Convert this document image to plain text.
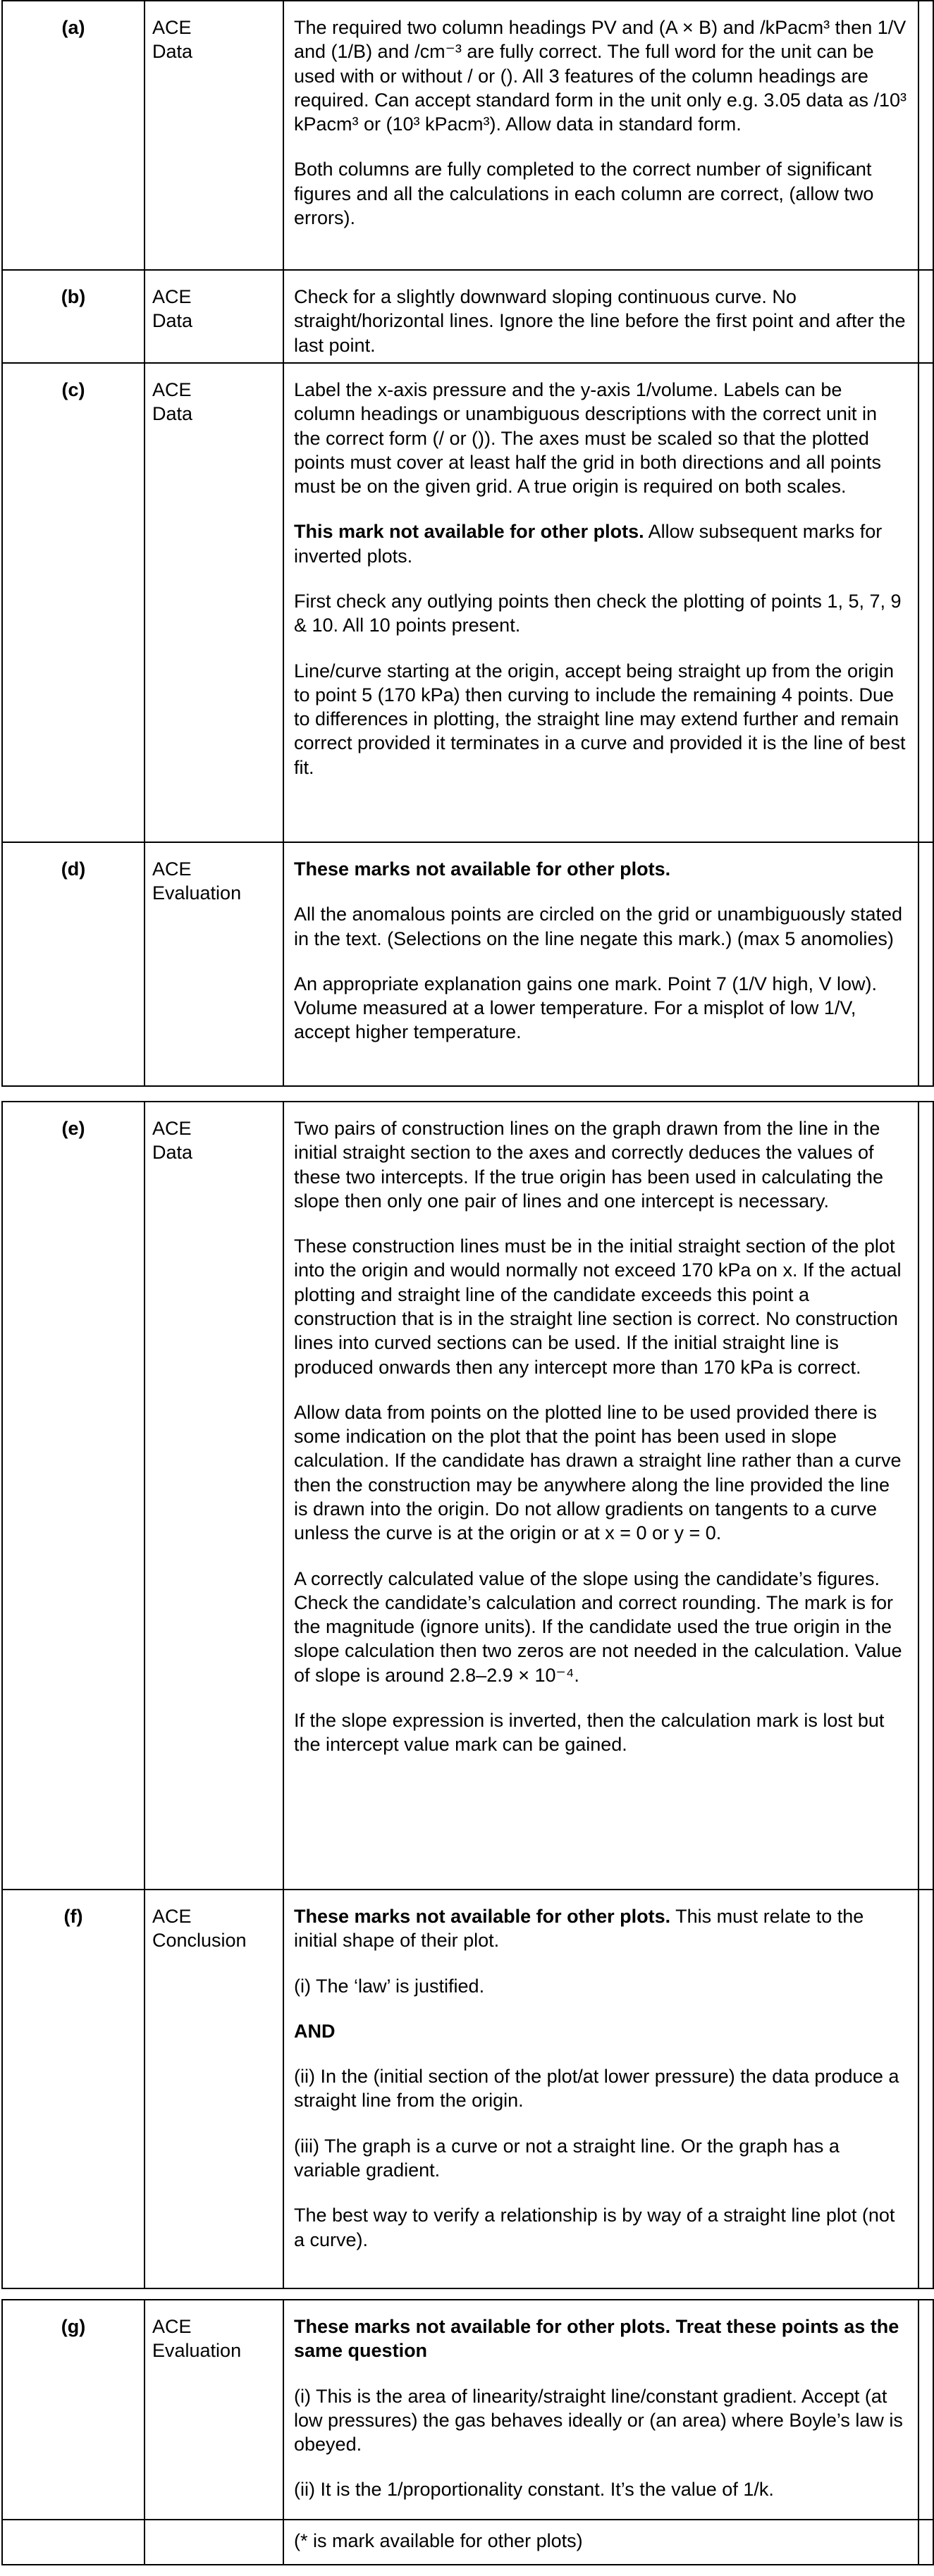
(a)	ACE
Data

The required two column headings PV and (A × B) and /kPacm³ then 1/V and (1/B) and /cm⁻³ are fully correct. The full word for the unit can be used with or without / or (). All 3 features of the column headings are required. Can accept standard form in the unit only e.g. 3.05 data as /10³ kPacm³ or (10³ kPacm³). Allow data in standard form.

Both columns are fully completed to the correct number of significant figures and all the calculations in each column are correct, (allow two errors).

(b)	ACE
Data

Check for a slightly downward sloping continuous curve. No straight/horizontal lines. Ignore the line before the first point and after the last point.

(c)	ACE
Data

Label the x-axis pressure and the y-axis 1/volume. Labels can be column headings or unambiguous descriptions with the correct unit in the correct form (/ or ()). The axes must be scaled so that the plotted points must cover at least half the grid in both directions and all points must be on the given grid. A true origin is required on both scales.

This mark not available for other plots. Allow subsequent marks for inverted plots.

First check any outlying points then check the plotting of points 1, 5, 7, 9 & 10. All 10 points present.

Line/curve starting at the origin, accept being straight up from the origin to point 5 (170 kPa) then curving to include the remaining 4 points. Due to differences in plotting, the straight line may extend further and remain correct provided it terminates in a curve and provided it is the line of best fit.

(d)	ACE
Evaluation

These marks not available for other plots.

All the anomalous points are circled on the grid or unambiguously stated in the text. (Selections on the line negate this mark.) (max 5 anomolies)

An appropriate explanation gains one mark. Point 7 (1/V high, V low). Volume measured at a lower temperature. For a misplot of low 1/V, accept higher temperature.

(e)	ACE
Data

Two pairs of construction lines on the graph drawn from the line in the initial straight section to the axes and correctly deduces the values of these two intercepts. If the true origin has been used in calculating the slope then only one pair of lines and one intercept is necessary.

These construction lines must be in the initial straight section of the plot into the origin and would normally not exceed 170 kPa on x. If the actual plotting and straight line of the candidate exceeds this point a construction that is in the straight line section is correct. No construction lines into curved sections can be used. If the initial straight line is produced onwards then any intercept more than 170 kPa is correct.

Allow data from points on the plotted line to be used provided there is some indication on the plot that the point has been used in slope calculation. If the candidate has drawn a straight line rather than a curve then the construction may be anywhere along the line provided the line is drawn into the origin. Do not allow gradients on tangents to a curve unless the curve is at the origin or at x = 0 or y = 0.

A correctly calculated value of the slope using the candidate’s figures. Check the candidate’s calculation and correct rounding. The mark is for the magnitude (ignore units). If the candidate used the true origin in the slope calculation then two zeros are not needed in the calculation. Value of slope is around 2.8–2.9 × 10⁻⁴.

If the slope expression is inverted, then the calculation mark is lost but the intercept value mark can be gained.

(f)	ACE
Conclusion

These marks not available for other plots. This must relate to the initial shape of their plot.

(i) The ‘law’ is justified.

AND

(ii) In the (initial section of the plot/at lower pressure) the data produce a straight line from the origin.

(iii) The graph is a curve or not a straight line. Or the graph has a variable gradient.

The best way to verify a relationship is by way of a straight line plot (not a curve).

(g)	ACE
Evaluation

These marks not available for other plots. Treat these points as the same question

(i) This is the area of linearity/straight line/constant gradient. Accept (at low pressures) the gas behaves ideally or (an area) where Boyle’s law is obeyed.

(ii) It is the 1/proportionality constant. It’s the value of 1/k.

(* is mark available for other plots)
